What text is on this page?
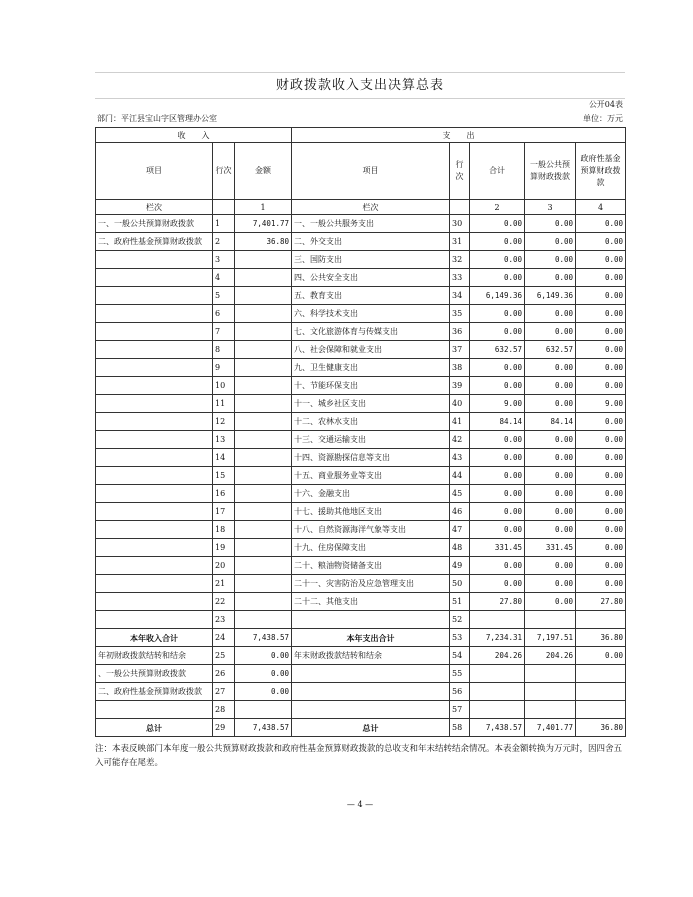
财政拨款收入支出决算总表
公开04表
部门：平江县宝山字区管理办公室	单位：万元
收　　入			支　　出				
项目	行次	金额	项目	行次	合计	一般公共预算财政拨款	政府性基金预算财政拨款
栏次		1	栏次		2	3	4
一、一般公共预算财政拨款	1	7,401.77	一、一般公共服务支出	30	0.00	0.00	0.00
二、政府性基金预算财政拨款	2	36.80	二、外交支出	31	0.00	0.00	0.00
	3		三、国防支出	32	0.00	0.00	0.00
	4		四、公共安全支出	33	0.00	0.00	0.00
	5		五、教育支出	34	6,149.36	6,149.36	0.00
	6		六、科学技术支出	35	0.00	0.00	0.00
	7		七、文化旅游体育与传媒支出	36	0.00	0.00	0.00
	8		八、社会保障和就业支出	37	632.57	632.57	0.00
	9		九、卫生健康支出	38	0.00	0.00	0.00
	10		十、节能环保支出	39	0.00	0.00	0.00
	11		十一、城乡社区支出	40	9.00	0.00	9.00
	12		十二、农林水支出	41	84.14	84.14	0.00
	13		十三、交通运输支出	42	0.00	0.00	0.00
	14		十四、资源勘探信息等支出	43	0.00	0.00	0.00
	15		十五、商业服务业等支出	44	0.00	0.00	0.00
	16		十六、金融支出	45	0.00	0.00	0.00
	17		十七、援助其他地区支出	46	0.00	0.00	0.00
	18		十八、自然资源海洋气象等支出	47	0.00	0.00	0.00
	19		十九、住房保障支出	48	331.45	331.45	0.00
	20		二十、粮油物资储备支出	49	0.00	0.00	0.00
	21		二十一、灾害防治及应急管理支出	50	0.00	0.00	0.00
	22		二十二、其他支出	51	27.80	0.00	27.80
	23			52			
本年收入合计	24	7,438.57	本年支出合计	53	7,234.31	7,197.51	36.80
年初财政拨款结转和结余	25	0.00	年末财政拨款结转和结余	54	204.26	204.26	0.00
、一般公共预算财政拨款	26	0.00		55			
二、政府性基金预算财政拨款	27	0.00		56			
	28			57			
总计	29	7,438.57	总计	58	7,438.57	7,401.77	36.80
注：本表反映部门本年度一般公共预算财政拨款和政府性基金预算财政拨款的总收支和年末结转结余情况。本表金额转换为万元时，因四舍五入可能存在尾差。
— 4 —
